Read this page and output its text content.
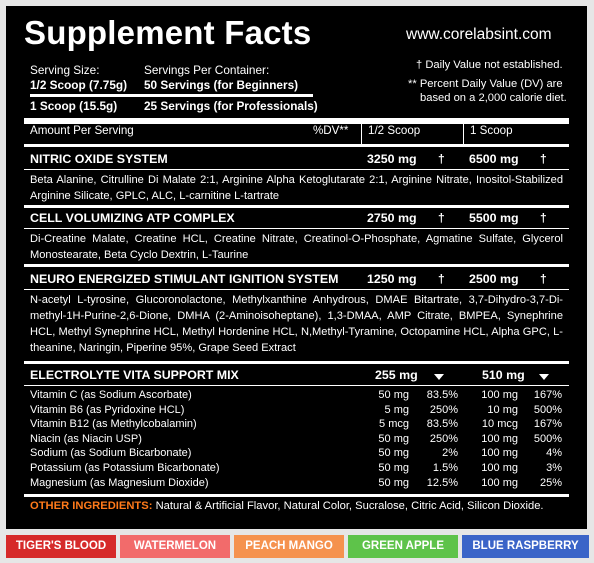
Supplement Facts	www.corelabsint.com
Serving Size:	Servings Per Container:
1/2 Scoop (7.75g) 50 Servings (for Beginners)
1 Scoop (15.5g) 25 Servings (for Professionals)
† Daily Value not established.
** Percent Daily Value (DV) are
based on a 2,000 calorie diet.
Amount Per Serving	%DV** 1/2 Scoop	1 Scoop
NITRIC OXIDE SYSTEM	3250 mg † 6500 mg †
Beta Alanine, Citrulline Di Malate 2:1, Arginine Alpha Ketoglutarate 2:1, Arginine Nitrate, Inositol-Stabilized Arginine Silicate, GPLC, ALC, L-carnitine L-tartrate
CELL VOLUMIZING ATP COMPLEX	2750 mg † 5500 mg †
Di-Creatine Malate, Creatine HCL, Creatine Nitrate, Creatinol-O-Phosphate, Agmatine Sulfate, Glycerol Monostearate, Beta Cyclo Dextrin, L-Taurine
NEURO ENERGIZED STIMULANT IGNITION SYSTEM 1250 mg † 2500 mg †
N-acetyl L-tyrosine, Glucoronolactone, Methylxanthine Anhydrous, DMAE Bitartrate, 3,7-Dihydro-3,7-Di-methyl-1H-Purine-2,6-Dione, DMHA (2-Aminoisoheptane), 1,3-DMAA, AMP Citrate, BMPEA, Synephrine HCL, Methyl Synephrine HCL, Methyl Hordenine HCL, N,Methyl-Tyramine, Octopamine HCL, Alpha GPC, L-theanine, Naringin, Piperine 95%, Grape Seed Extract
ELECTROLYTE VITA SUPPORT MIX	255 mg	510 mg
Vitamin C (as Sodium Ascorbate)	50 mg	83.5%	100 mg	167%
Vitamin B6 (as Pyridoxine HCL)	5 mg	250%	10 mg	500%
Vitamin B12 (as Methylcobalamin)	5 mcg	83.5%	10 mcg	167%
Niacin (as Niacin USP)	50 mg	250%	100 mg	500%
Sodium (as Sodium Bicarbonate)	50 mg	2%	100 mg	4%
Potassium (as Potassium Bicarbonate)	50 mg	1.5%	100 mg	3%
Magnesium (as Magnesium Dioxide)	50 mg	12.5%	100 mg	25%
OTHER INGREDIENTS: Natural & Artificial Flavor, Natural Color, Sucralose, Citric Acid, Silicon Dioxide.
TIGER'S BLOOD	WATERMELON	PEACH MANGO	GREEN APPLE	BLUE RASPBERRY
